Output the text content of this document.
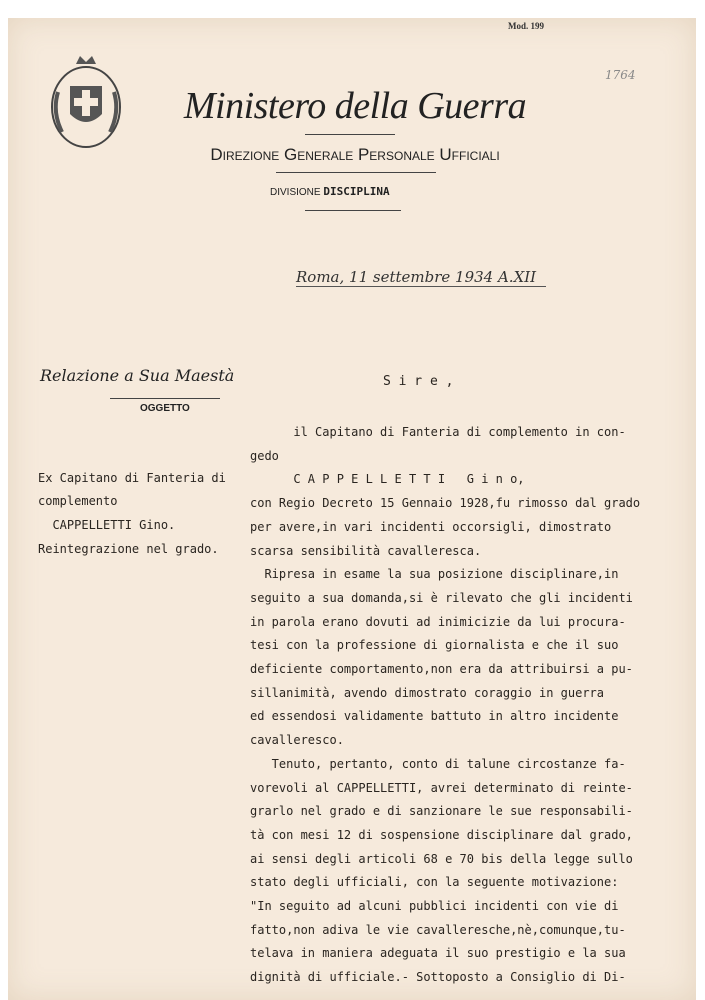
Mod. 199
1764
Ministero della Guerra
Direzione Generale Personale Ufficiali
DIVISIONE DISCIPLINA
Roma, 11 settembre 1934 A.XII
Relazione a Sua Maestà
OGGETTO

Ex Capitano di Fanteria di
complemento
CAPPELLETTI Gino.
Reintegrazione nel grado.

S i r e ,
il Capitano di Fanteria di complemento in con-
gedo
C A P P E L L E T T I   G i n o,
con Regio Decreto 15 Gennaio 1928,fu rimosso dal grado
per avere,in vari incidenti occorsigli, dimostrato
scarsa sensibilità cavalleresca.
Ripresa in esame la sua posizione disciplinare,in
seguito a sua domanda,si è rilevato che gli incidenti
in parola erano dovuti ad inimicizie da lui procura-
tesi con la professione di giornalista e che il suo
deficiente comportamento,non era da attribuirsi a pu-
sillanimità, avendo dimostrato coraggio in guerra
ed essendosi validamente battuto in altro incidente
cavalleresco.
Tenuto, pertanto, conto di talune circostanze fa-
vorevoli al CAPPELLETTI, avrei determinato di reinte-
grarlo nel grado e di sanzionare le sue responsabili-
tà con mesi 12 di sospensione disciplinare dal grado,
ai sensi degli articoli 68 e 70 bis della legge sullo
stato degli ufficiali, con la seguente motivazione:
"In seguito ad alcuni pubblici incidenti con vie di
fatto,non adiva le vie cavalleresche,nè,comunque,tu-
telava in maniera adeguata il suo prestigio e la sua
dignità di ufficiale.- Sottoposto a Consiglio di Di-
